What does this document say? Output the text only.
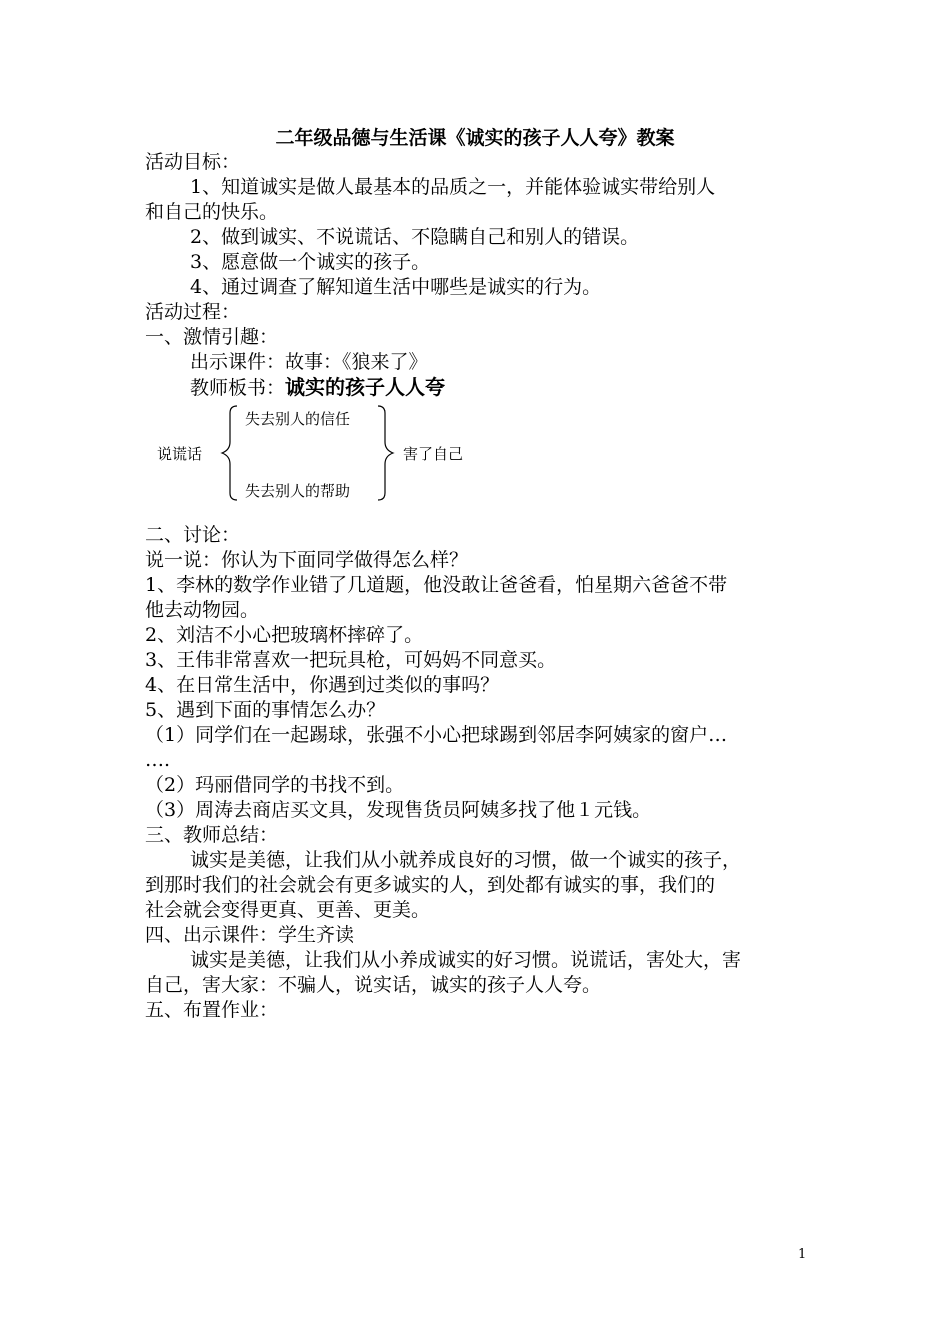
二年级品德与生活课《诚实的孩子人人夸》教案
活动目标：
1、知道诚实是做人最基本的品质之一，并能体验诚实带给别人
和自己的快乐。
2、做到诚实、不说谎话、不隐瞒自己和别人的错误。
3、愿意做一个诚实的孩子。
4、通过调查了解知道生活中哪些是诚实的行为。
活动过程：
一、激情引趣：
出示课件：故事：《狼来了》
教师板书：诚实的孩子人人夸
说谎话
失去别人的信任
失去别人的帮助
害了自己
二、讨论：
说一说：你认为下面同学做得怎么样？
1、李林的数学作业错了几道题，他没敢让爸爸看，怕星期六爸爸不带
他去动物园。
2、刘洁不小心把玻璃杯摔碎了。
3、王伟非常喜欢一把玩具枪，可妈妈不同意买。
4、在日常生活中，你遇到过类似的事吗？
5、遇到下面的事情怎么办？
（1）同学们在一起踢球，张强不小心把球踢到邻居李阿姨家的窗户…
….
（2）玛丽借同学的书找不到。
（3）周涛去商店买文具，发现售货员阿姨多找了他１元钱。
三、教师总结：
诚实是美德，让我们从小就养成良好的习惯，做一个诚实的孩子，
到那时我们的社会就会有更多诚实的人，到处都有诚实的事，我们的
社会就会变得更真、更善、更美。
四、出示课件：学生齐读
诚实是美德，让我们从小养成诚实的好习惯。说谎话，害处大，害
自己，害大家：不骗人，说实话，诚实的孩子人人夸。
五、布置作业：
1
